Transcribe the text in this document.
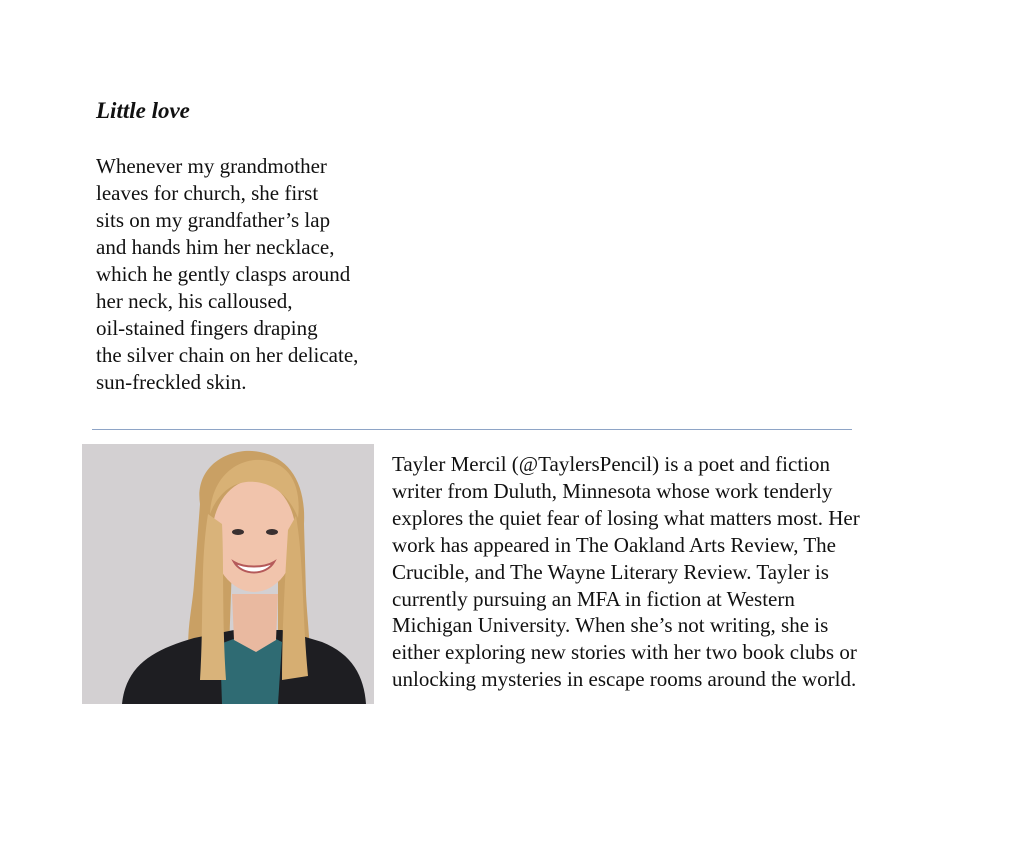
Little love
Whenever my grandmother
leaves for church, she first
sits on my grandfather’s lap
and hands him her necklace,
which he gently clasps around
her neck, his calloused,
oil-stained fingers draping
the silver chain on her delicate,
sun-freckled skin.
Tayler Mercil (@TaylersPencil) is a poet and fiction
writer from Duluth, Minnesota whose work tenderly
explores the quiet fear of losing what matters most. Her
work has appeared in The Oakland Arts Review, The
Crucible, and The Wayne Literary Review. Tayler is
currently pursuing an MFA in fiction at Western
Michigan University. When she’s not writing, she is
either exploring new stories with her two book clubs or
unlocking mysteries in escape rooms around the world.
